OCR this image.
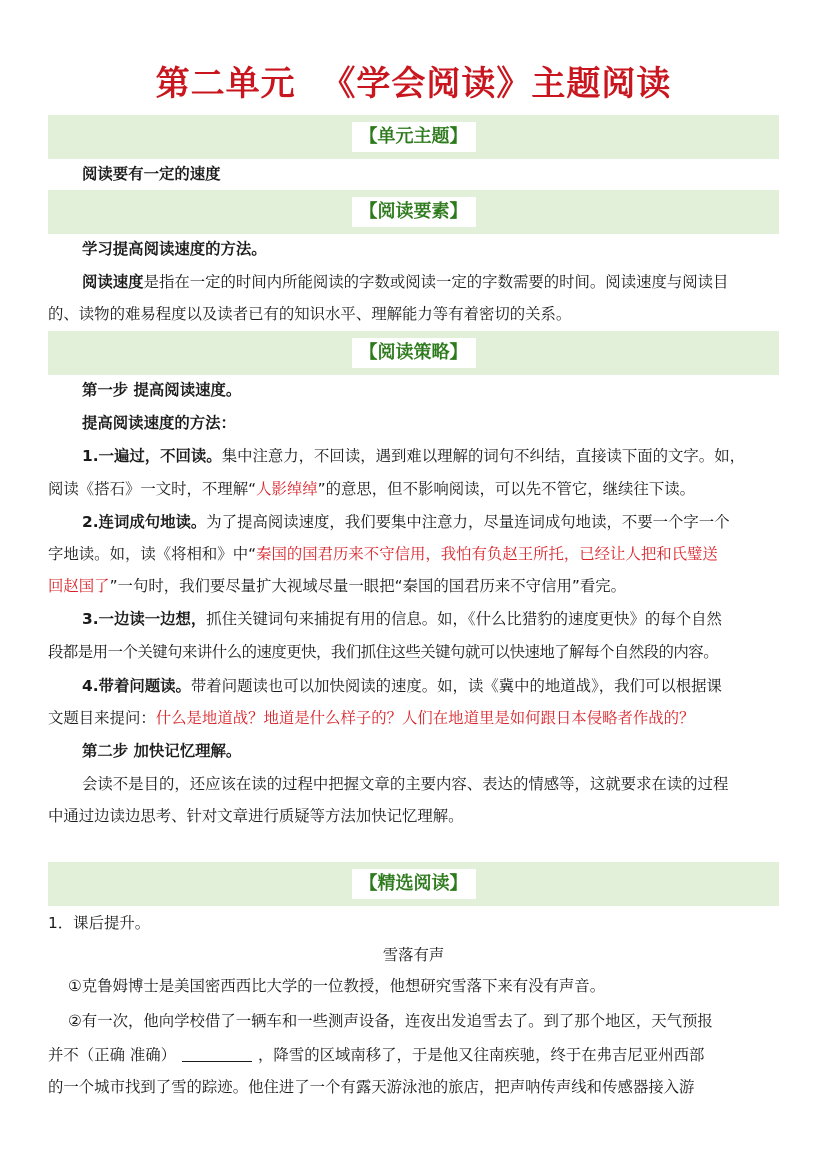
第二单元  《学会阅读》主题阅读
【单元主题】
阅读要有一定的速度
【阅读要素】
学习提高阅读速度的方法。
阅读速度是指在一定的时间内所能阅读的字数或阅读一定的字数需要的时间。阅读速度与阅读目
的、读物的难易程度以及读者已有的知识水平、理解能力等有着密切的关系。
【阅读策略】
第一步 提高阅读速度。
提高阅读速度的方法：
1.一遍过，不回读。集中注意力，不回读，遇到难以理解的词句不纠结，直接读下面的文字。如，
阅读《搭石》一文时，不理解“人影绰绰”的意思，但不影响阅读，可以先不管它，继续往下读。
2.连词成句地读。为了提高阅读速度，我们要集中注意力，尽量连词成句地读，不要一个字一个
字地读。如，读《将相和》中“秦国的国君历来不守信用，我怕有负赵王所托，已经让人把和氏璧送
回赵国了”一句时，我们要尽量扩大视域尽量一眼把“秦国的国君历来不守信用”看完。
3.一边读一边想，抓住关键词句来捕捉有用的信息。如，《什么比猎豹的速度更快》的每个自然
段都是用一个关键句来讲什么的速度更快，我们抓住这些关键句就可以快速地了解每个自然段的内容。
4.带着问题读。带着问题读也可以加快阅读的速度。如，读《冀中的地道战》，我们可以根据课
文题目来提问：什么是地道战？地道是什么样子的？人们在地道里是如何跟日本侵略者作战的？
第二步 加快记忆理解。
会读不是目的，还应该在读的过程中把握文章的主要内容、表达的情感等，这就要求在读的过程
中通过边读边思考、针对文章进行质疑等方法加快记忆理解。
【精选阅读】
1．课后提升。
雪落有声
①克鲁姆博士是美国密西西比大学的一位教授，他想研究雪落下来有没有声音。
②有一次，他向学校借了一辆车和一些测声设备，连夜出发追雪去了。到了那个地区，天气预报
并不（正确 准确）	，降雪的区域南移了，于是他又往南疾驰，终于在弗吉尼亚州西部
的一个城市找到了雪的踪迹。他住进了一个有露天游泳池的旅店，把声呐传声线和传感器接入游
